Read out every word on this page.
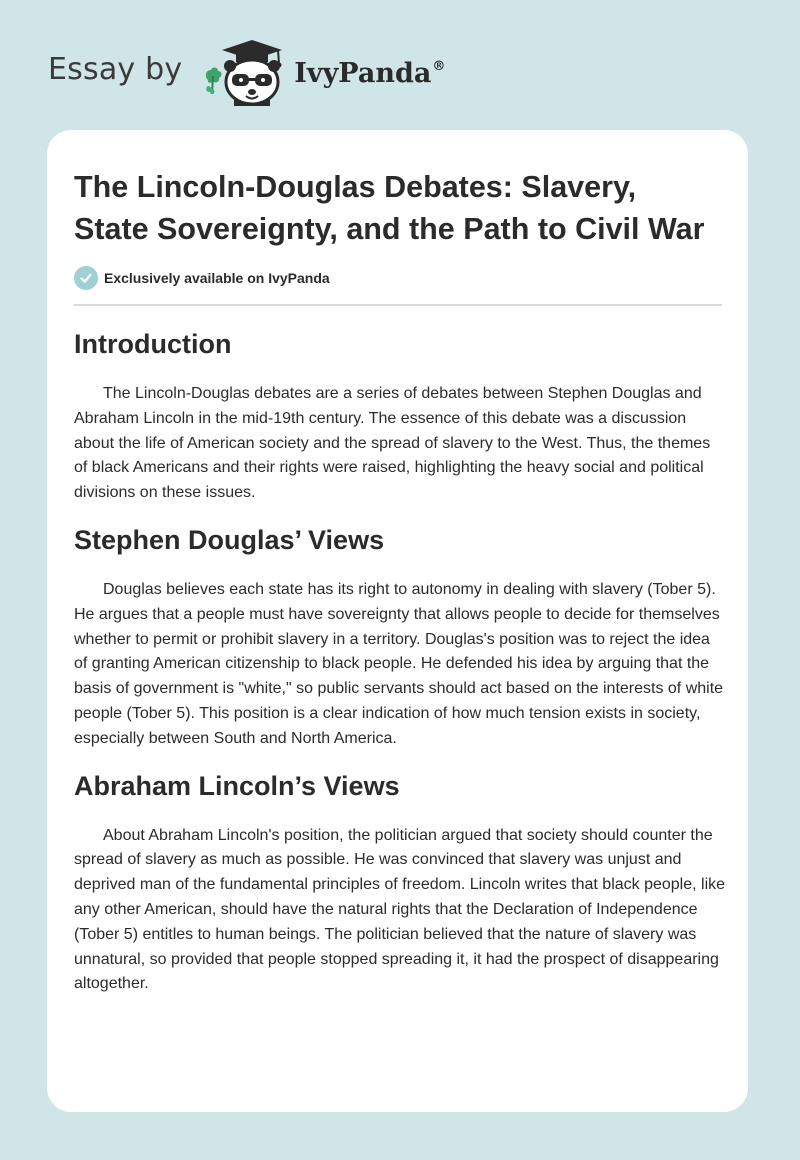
Essay by	IvyPanda®
The Lincoln-Douglas Debates: Slavery, State Sovereignty, and the Path to Civil War
Exclusively available on IvyPanda
Introduction

The Lincoln-Douglas debates are a series of debates between Stephen Douglas and Abraham Lincoln in the mid-19th century. The essence of this debate was a discussion about the life of American society and the spread of slavery to the West. Thus, the themes of black Americans and their rights were raised, highlighting the heavy social and political divisions on these issues.

Stephen Douglas’ Views

Douglas believes each state has its right to autonomy in dealing with slavery (Tober 5). He argues that a people must have sovereignty that allows people to decide for themselves whether to permit or prohibit slavery in a territory. Douglas's position was to reject the idea of granting American citizenship to black people. He defended his idea by arguing that the basis of government is "white," so public servants should act based on the interests of white people (Tober 5). This position is a clear indication of how much tension exists in society, especially between South and North America.

Abraham Lincoln’s Views

About Abraham Lincoln's position, the politician argued that society should counter the spread of slavery as much as possible. He was convinced that slavery was unjust and deprived man of the fundamental principles of freedom. Lincoln writes that black people, like any other American, should have the natural rights that the Declaration of Independence (Tober 5) entitles to human beings. The politician believed that the nature of slavery was unnatural, so provided that people stopped spreading it, it had the prospect of disappearing altogether.
